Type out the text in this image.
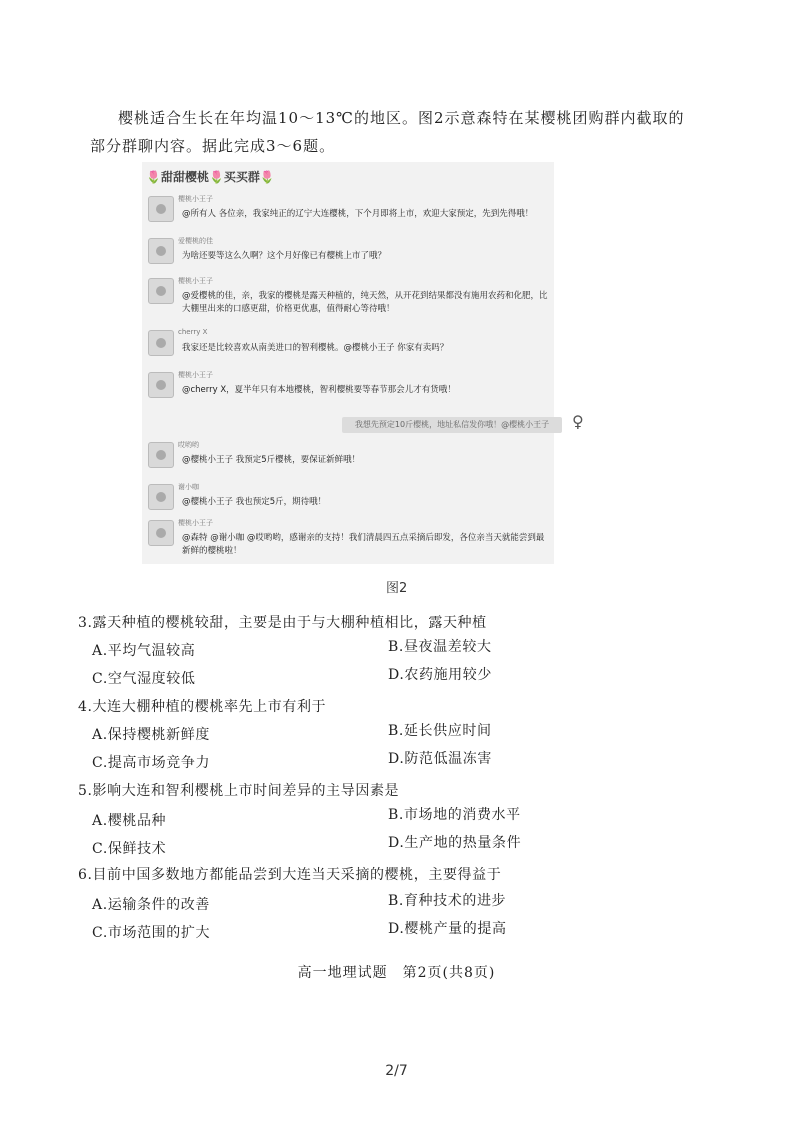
樱桃适合生长在年均温10～13℃的地区。图2示意森特在某樱桃团购群内截取的部分群聊内容。据此完成3～6题。
🌷甜甜樱桃🌷买买群🌷
樱桃小王子
@所有人 各位亲，我家纯正的辽宁大连樱桃，下个月即将上市，欢迎大家预定，先到先得哦！
爱樱桃的佳
为啥还要等这么久啊？这个月好像已有樱桃上市了哦？
樱桃小王子
@爱樱桃的佳，亲，我家的樱桃是露天种植的，纯天然，从开花到结果都没有施用农药和化肥，比大棚里出来的口感更甜，价格更优惠，值得耐心等待哦！
cherry X
我家还是比较喜欢从南美进口的智利樱桃。@樱桃小王子 你家有卖吗？
樱桃小王子
@cherry X，夏半年只有本地樱桃，智利樱桃要等春节那会儿才有货哦！
我想先预定10斤樱桃，地址私信发你哦！@樱桃小王子	♀
哎哟哟
@樱桃小王子 我预定5斤樱桃，要保证新鲜哦！
谢小咖
@樱桃小王子 我也预定5斤，期待哦！
樱桃小王子
@森特 @谢小咖 @哎哟哟，感谢亲的支持！我们清晨四五点采摘后即发，各位亲当天就能尝到最新鲜的樱桃啦！
图2
3.露天种植的樱桃较甜，主要是由于与大棚种植相比，露天种植
A.平均气温较高	B.昼夜温差较大
C.空气湿度较低	D.农药施用较少
4.大连大棚种植的樱桃率先上市有利于
A.保持樱桃新鲜度	B.延长供应时间
C.提高市场竞争力	D.防范低温冻害
5.影响大连和智利樱桃上市时间差异的主导因素是
A.樱桃品种	B.市场地的消费水平
C.保鲜技术	D.生产地的热量条件
6.目前中国多数地方都能品尝到大连当天采摘的樱桃，主要得益于
A.运输条件的改善	B.育种技术的进步
C.市场范围的扩大	D.樱桃产量的提高
高一地理试题　第2页(共8页)
2/7
